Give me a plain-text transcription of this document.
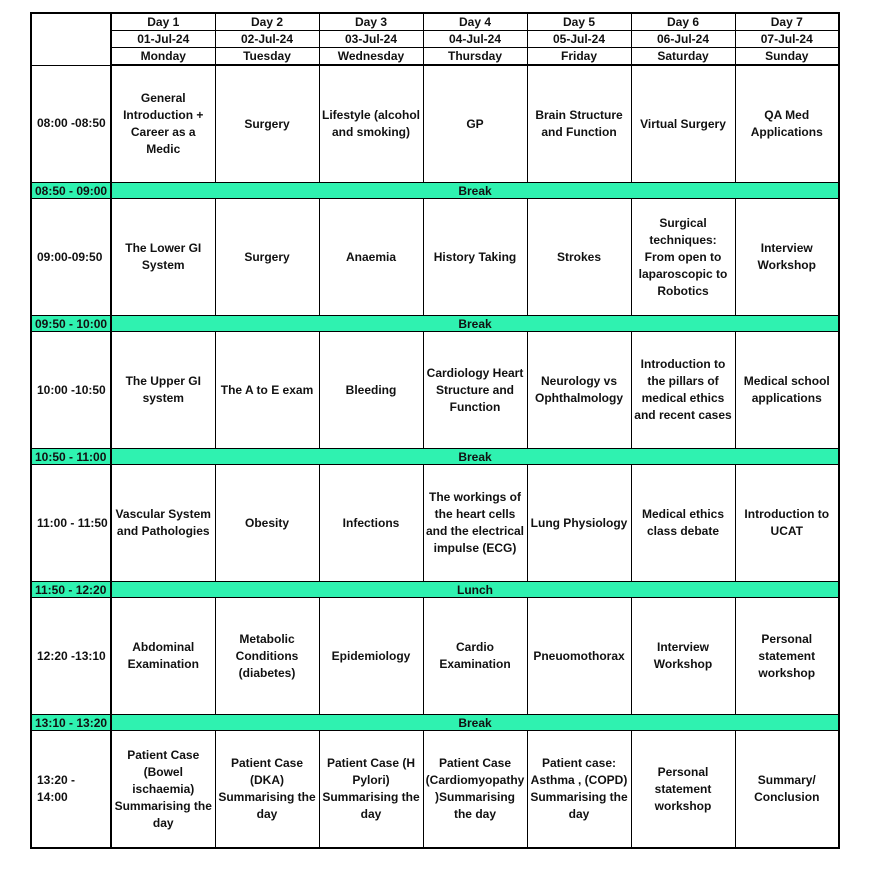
	Day 1	Day 2	Day 3	Day 4	Day 5	Day 6	Day 7
	01-Jul-24	02-Jul-24	03-Jul-24	04-Jul-24	05-Jul-24	06-Jul-24	07-Jul-24
	Monday	Tuesday	Wednesday	Thursday	Friday	Saturday	Sunday
08:00 -08:50	General Introduction + Career as a Medic	Surgery	Lifestyle (alcohol and smoking)	GP	Brain Structure and Function	Virtual Surgery	QA Med Applications
08:50 - 09:00	Break						
09:00-09:50	The Lower GI System	Surgery	Anaemia	History Taking	Strokes	Surgical techniques: From open to laparoscopic to Robotics	Interview Workshop
09:50 - 10:00	Break						
10:00 -10:50	The Upper GI system	The A to E exam	Bleeding	Cardiology Heart Structure and Function	Neurology vs Ophthalmology	Introduction to the pillars of medical ethics and recent cases	Medical school applications
10:50 - 11:00	Break						
11:00 - 11:50	Vascular System and Pathologies	Obesity	Infections	The workings of the heart cells and the electrical impulse (ECG)	Lung Physiology	Medical ethics class debate	Introduction to UCAT
11:50 - 12:20	Lunch						
12:20 -13:10	Abdominal Examination	Metabolic Conditions (diabetes)	Epidemiology	Cardio Examination	Pneuomothorax	Interview Workshop	Personal statement workshop
13:10 - 13:20	Break						
13:20 - 14:00	Patient Case (Bowel ischaemia) Summarising the day	Patient Case (DKA) Summarising the day	Patient Case (H Pylori) Summarising the day	Patient Case (Cardiomyopathy )Summarising the day	Patient case: Asthma , (COPD) Summarising the day	Personal statement workshop	Summary/ Conclusion
